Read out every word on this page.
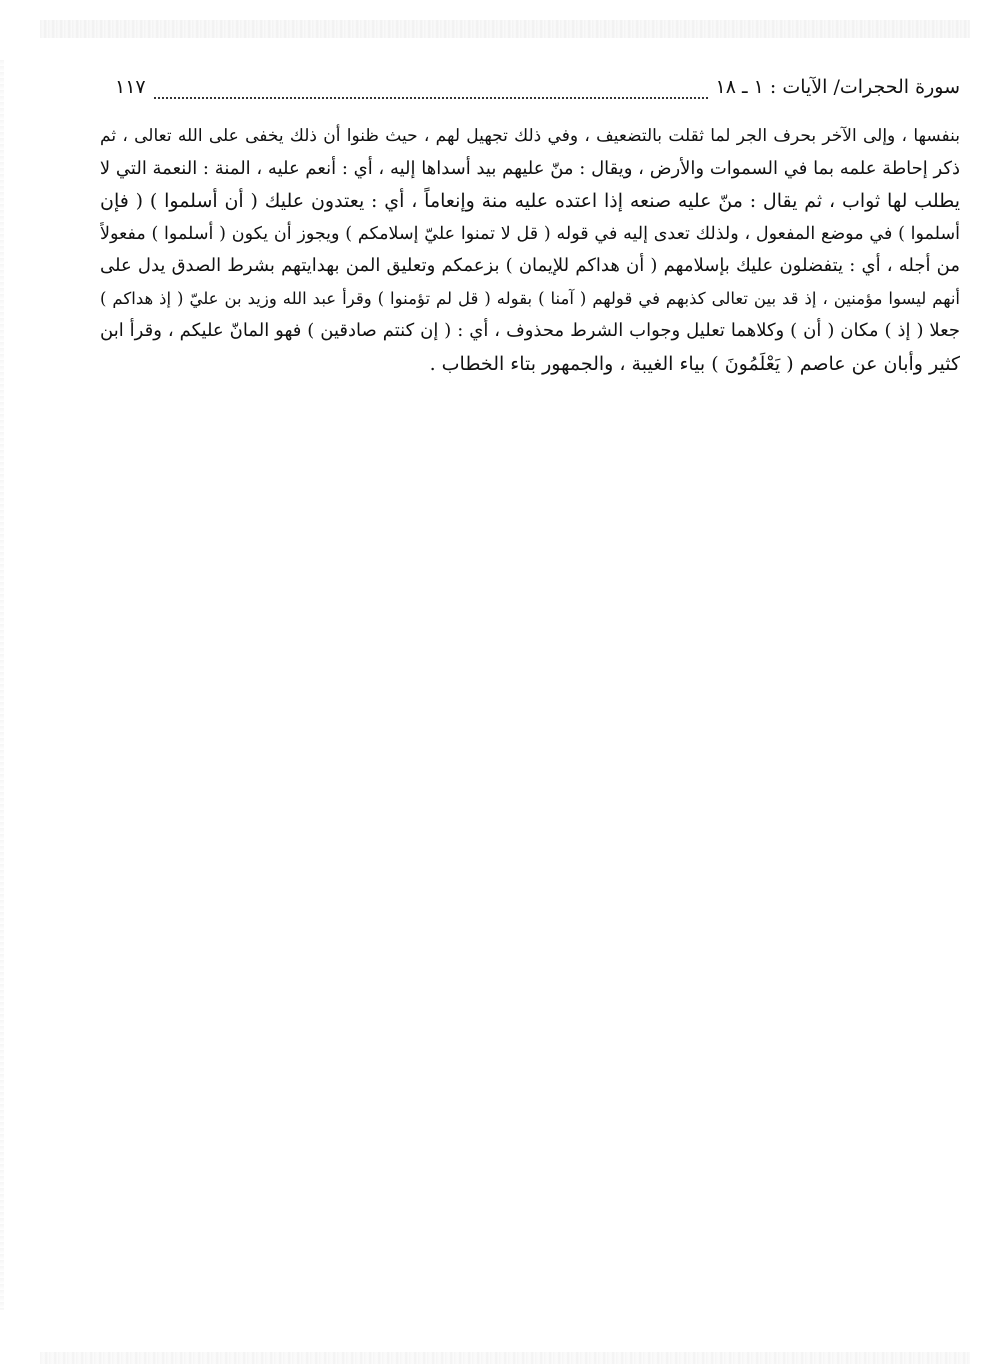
سورة الحجرات/ الآيات : ١ ـ ١٨
١١٧
بنفسها ، وإلى الآخر بحرف الجر لما ثقلت بالتضعيف ، وفي ذلك تجهيل لهم ، حيث ظنوا أن ذلك يخفى على الله تعالى ، ثم
ذكر إحاطة علمه بما في السموات والأرض ، ويقال : منّ عليهم بيد أسداها إليه ، أي : أنعم عليه ، المنة : النعمة التي لا
يطلب لها ثواب ، ثم يقال : منّ عليه صنعه إذا اعتده عليه منة وإنعاماً ، أي : يعتدون عليك ( أن أسلموا ) ( فإن
أسلموا ) في موضع المفعول ، ولذلك تعدى إليه في قوله ( قل لا تمنوا عليّ إسلامكم ) ويجوز أن يكون ( أسلموا ) مفعولاً
من أجله ، أي : يتفضلون عليك بإسلامهم ( أن هداكم للإيمان ) بزعمكم وتعليق المن بهدايتهم بشرط الصدق يدل على
أنهم ليسوا مؤمنين ، إذ قد بين تعالى كذبهم في قولهم ( آمنا ) بقوله ( قل لم تؤمنوا ) وقرأ عبد الله وزيد بن عليّ ( إذ هداكم )
جعلا ( إذ ) مكان ( أن ) وكلاهما تعليل وجواب الشرط محذوف ، أي : ( إن كنتم صادقين ) فهو المانّ عليكم ، وقرأ ابن
كثير وأبان عن عاصم ( يَعْلَمُونَ ) بياء الغيبة ، والجمهور بتاء الخطاب .
